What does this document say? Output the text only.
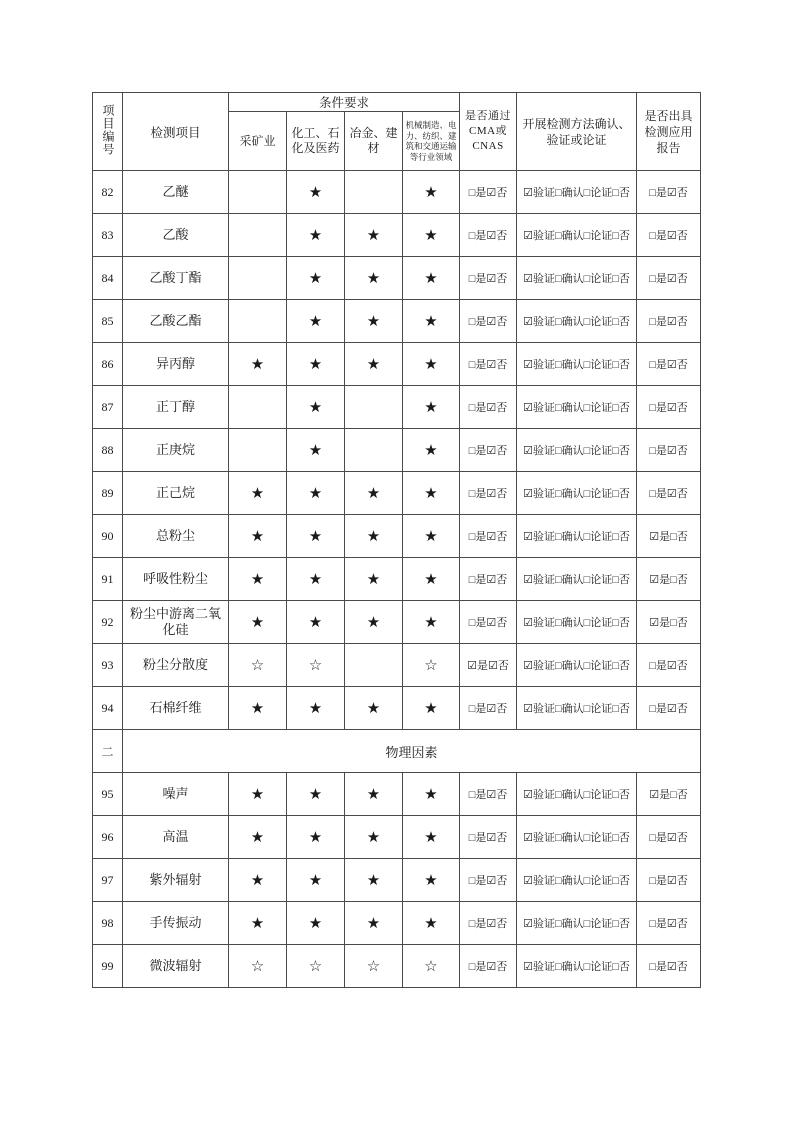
项目编号	检测项目	条件要求				是否通过CMA或CNAS	开展检测方法确认、验证或论证	是否出具检测应用报告
		采矿业	化工、石化及医药	冶金、建材	机械制造、电力、纺织、建筑和交通运输等行业领域			
82	乙醚		★		★	□是☑否	☑验证□确认□论证□否	□是☑否
83	乙酸		★	★	★	□是☑否	☑验证□确认□论证□否	□是☑否
84	乙酸丁酯		★	★	★	□是☑否	☑验证□确认□论证□否	□是☑否
85	乙酸乙酯		★	★	★	□是☑否	☑验证□确认□论证□否	□是☑否
86	异丙醇	★	★	★	★	□是☑否	☑验证□确认□论证□否	□是☑否
87	正丁醇		★		★	□是☑否	☑验证□确认□论证□否	□是☑否
88	正庚烷		★		★	□是☑否	☑验证□确认□论证□否	□是☑否
89	正己烷	★	★	★	★	□是☑否	☑验证□确认□论证□否	□是☑否
90	总粉尘	★	★	★	★	□是☑否	☑验证□确认□论证□否	☑是□否
91	呼吸性粉尘	★	★	★	★	□是☑否	☑验证□确认□论证□否	☑是□否
92	粉尘中游离二氧化硅	★	★	★	★	□是☑否	☑验证□确认□论证□否	☑是□否
93	粉尘分散度	☆	☆		☆	☑是☑否	☑验证□确认□论证□否	□是☑否
94	石棉纤维	★	★	★	★	□是☑否	☑验证□确认□论证□否	□是☑否
二	物理因素							
95	噪声	★	★	★	★	□是☑否	☑验证□确认□论证□否	☑是□否
96	高温	★	★	★	★	□是☑否	☑验证□确认□论证□否	□是☑否
97	紫外辐射	★	★	★	★	□是☑否	☑验证□确认□论证□否	□是☑否
98	手传振动	★	★	★	★	□是☑否	☑验证□确认□论证□否	□是☑否
99	微波辐射	☆	☆	☆	☆	□是☑否	☑验证□确认□论证□否	□是☑否
